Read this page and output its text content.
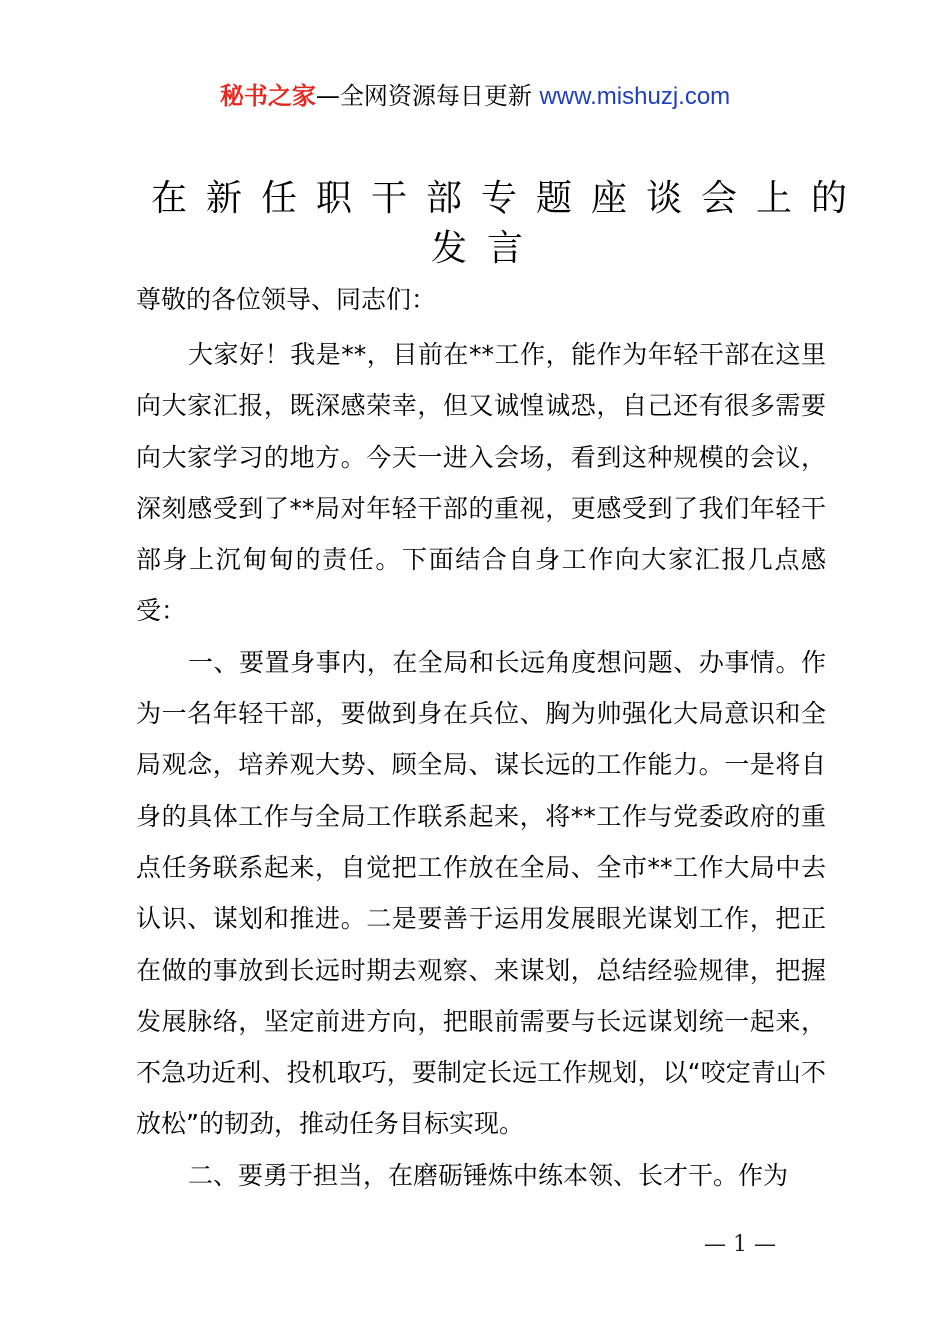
秘书之家—全网资源每日更新 www.mishuzj.com
在新任职干部专题座谈会上的
发言

尊敬的各位领导、同志们：

大家好！我是**，目前在**工作，能作为年轻干部在这里向大家汇报，既深感荣幸，但又诚惶诚恐，自己还有很多需要向大家学习的地方。今天一进入会场，看到这种规模的会议，深刻感受到了**局对年轻干部的重视，更感受到了我们年轻干部身上沉甸甸的责任。下面结合自身工作向大家汇报几点感受：

一、要置身事内，在全局和长远角度想问题、办事情。作为一名年轻干部，要做到身在兵位、胸为帅强化大局意识和全局观念，培养观大势、顾全局、谋长远的工作能力。一是将自身的具体工作与全局工作联系起来，将**工作与党委政府的重点任务联系起来，自觉把工作放在全局、全市**工作大局中去认识、谋划和推进。二是要善于运用发展眼光谋划工作，把正在做的事放到长远时期去观察、来谋划，总结经验规律，把握发展脉络，坚定前进方向，把眼前需要与长远谋划统一起来，不急功近利、投机取巧，要制定长远工作规划，以“咬定青山不放松”的韧劲，推动任务目标实现。

二、要勇于担当，在磨砺锤炼中练本领、长才干。作为

— 1 —
